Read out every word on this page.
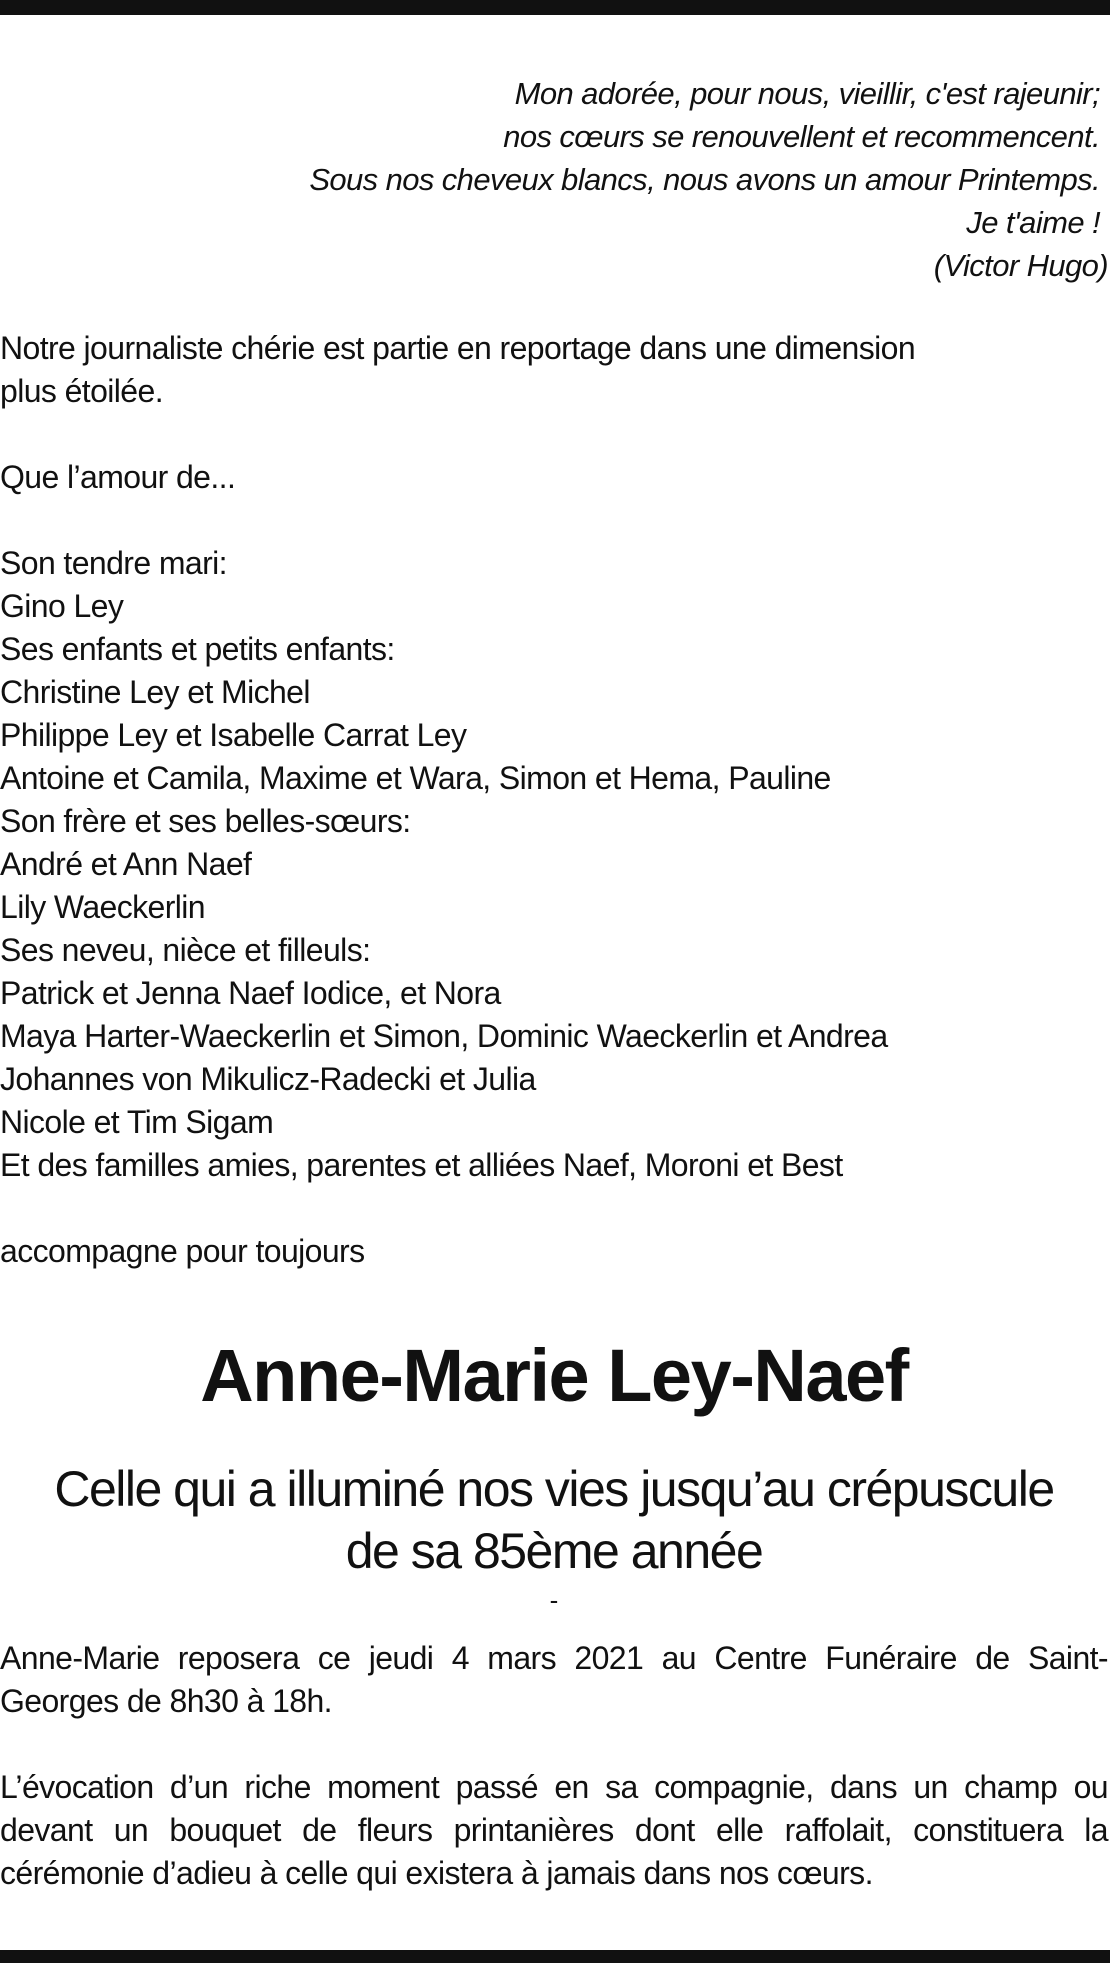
Mon adorée, pour nous, vieillir, c'est rajeunir;
nos cœurs se renouvellent et recommencent.
Sous nos cheveux blancs, nous avons un amour Printemps.
Je t'aime !
(Victor Hugo)

Notre journaliste chérie est partie en reportage dans une dimension
plus étoilée.

Que l’amour de...

Son tendre mari:
Gino Ley
Ses enfants et petits enfants:
Christine Ley et Michel
Philippe Ley et Isabelle Carrat Ley
Antoine et Camila, Maxime et Wara, Simon et Hema, Pauline
Son frère et ses belles-sœurs:
André et Ann Naef
Lily Waeckerlin
Ses neveu, nièce et filleuls:
Patrick et Jenna Naef Iodice, et Nora
Maya Harter-Waeckerlin et Simon, Dominic Waeckerlin et Andrea
Johannes von Mikulicz-Radecki et Julia
Nicole et Tim Sigam
Et des familles amies, parentes et alliées Naef, Moroni et Best

accompagne pour toujours

Anne-Marie Ley-Naef

Celle qui a illuminé nos vies jusqu’au crépuscule
de sa 85ème année

-

Anne-Marie reposera ce jeudi 4 mars 2021 au Centre Funéraire de Saint-Georges de 8h30 à 18h.

L’évocation d’un riche moment passé en sa compagnie, dans un champ ou devant un bouquet de fleurs printanières dont elle raffolait, constituera la cérémonie d’adieu à celle qui existera à jamais dans nos cœurs.
